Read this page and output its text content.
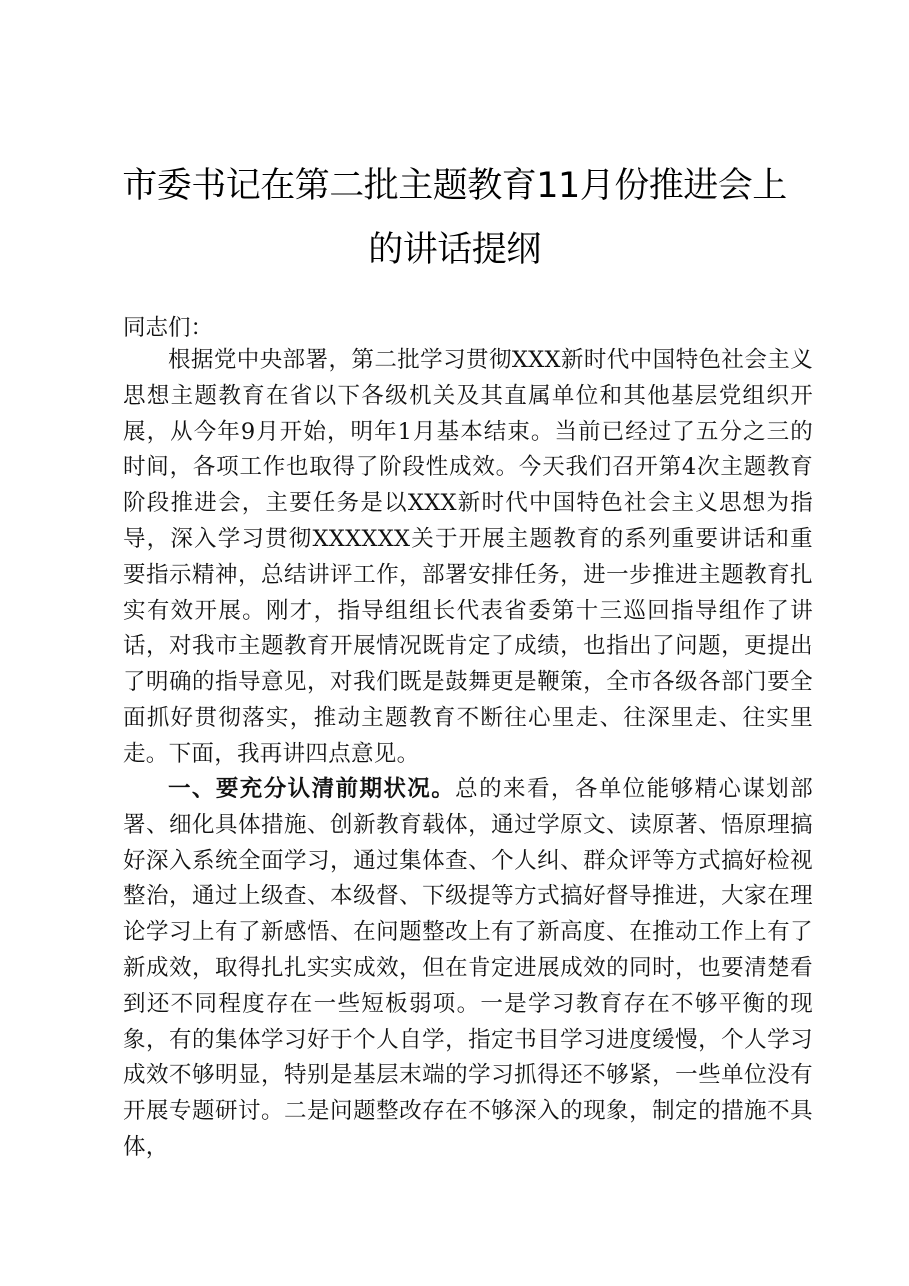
市委书记在第二批主题教育11月份推进会上
的讲话提纲
同志们：

根据党中央部署，第二批学习贯彻XXX新时代中国特色社会主义思想主题教育在省以下各级机关及其直属单位和其他基层党组织开展，从今年9月开始，明年1月基本结束。当前已经过了五分之三的时间，各项工作也取得了阶段性成效。今天我们召开第4次主题教育阶段推进会，主要任务是以XXX新时代中国特色社会主义思想为指导，深入学习贯彻XXXXXX关于开展主题教育的系列重要讲话和重要指示精神，总结讲评工作，部署安排任务，进一步推进主题教育扎实有效开展。刚才，指导组组长代表省委第十三巡回指导组作了讲话，对我市主题教育开展情况既肯定了成绩，也指出了问题，更提出了明确的指导意见，对我们既是鼓舞更是鞭策，全市各级各部门要全面抓好贯彻落实，推动主题教育不断往心里走、往深里走、往实里走。下面，我再讲四点意见。

一、要充分认清前期状况。总的来看，各单位能够精心谋划部署、细化具体措施、创新教育载体，通过学原文、读原著、悟原理搞好深入系统全面学习，通过集体查、个人纠、群众评等方式搞好检视整治，通过上级查、本级督、下级提等方式搞好督导推进，大家在理论学习上有了新感悟、在问题整改上有了新高度、在推动工作上有了新成效，取得扎扎实实成效，但在肯定进展成效的同时，也要清楚看到还不同程度存在一些短板弱项。一是学习教育存在不够平衡的现象，有的集体学习好于个人自学，指定书目学习进度缓慢，个人学习成效不够明显，特别是基层末端的学习抓得还不够紧，一些单位没有开展专题研讨。二是问题整改存在不够深入的现象，制定的措施不具体，
